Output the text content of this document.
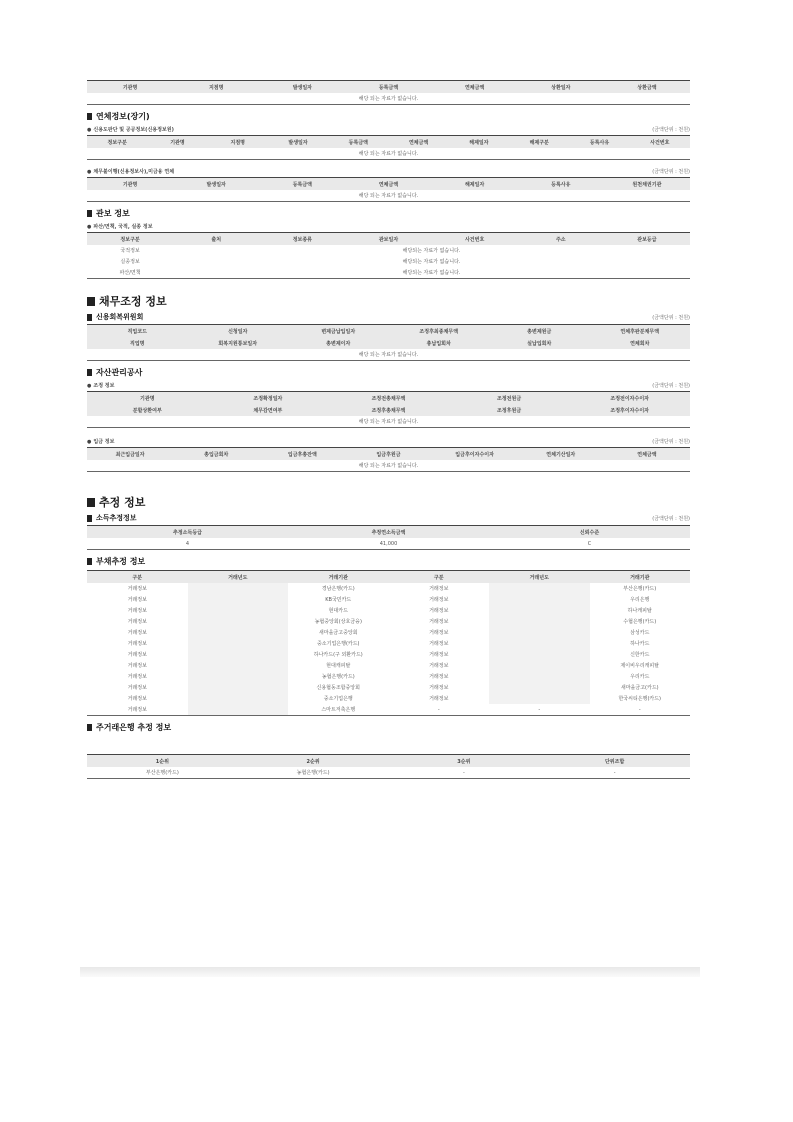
기관명	지점명	발생일자	등록금액	연체금액	상환일자	상환금액
해당 되는 자료가 없습니다.
연체정보(장기)
● 신용도판단 및 공공정보(신용정보원)	(금액단위 : 천원)
정보구분	기관명	지점명	발생일자	등록금액	연체금액	해제일자	해제구분	등록사유	사건번호
해당 되는 자료가 없습니다.
● 채무불이행(신용정보사),미금융 연체	(금액단위 : 천원)
기관명	발생일자	등록금액	연체금액	해제일자	등록사유	원천채권기관
해당 되는 자료가 없습니다.
관보 정보
● 파산/면책, 국적, 실종 정보
정보구분	출처	정보종류	관보일자	사건번호	주소	관보등급
국적정보	해당되는 자료가 없습니다.					
실종정보	해당되는 자료가 없습니다.					
파산/면책	해당되는 자료가 없습니다.					
채무조정 정보
신용회복위원회	(금액단위 : 천원)
직업코드	신청일자	변제금납입일자	조정후최종채무액	총변제원금	연체후완분채무액
직업명	회복지원통보일자	총변제이자	총납입회차	실납입회차	연체회차
해당 되는 자료가 없습니다.					
자산관리공사
● 조정 정보	(금액단위 : 천원)
기관명	조정확정일자	조정전총채무액	조정전원금	조정전이자수이자
분할상환여부	채무감면여부	조정후총채무액	조정후원금	조정후이자수이자
해당 되는 자료가 없습니다.				
● 입금 정보	(금액단위 : 천원)
최근입금일자	총입금회차	입금후총잔액	입금후원금	입금후이자수이자	연체기산일자	연체금액
해당 되는 자료가 없습니다.
추정 정보
소득추정정보	(금액단위 : 천원)
추정소득등급	추정연소득금액	신뢰수준
4	41,000	C
부채추정 정보
구분	거래년도	거래기관	구분	거래년도	거래기관
거래정보		경남은행(카드)	거래정보		부산은행(카드)
거래정보		KB국민카드	거래정보		우리은행
거래정보		현대카드	거래정보		하나캐피탈
거래정보		농협중앙회(상호금융)	거래정보		수협은행(카드)
거래정보		새마을금고중앙회	거래정보		삼성카드
거래정보		중소기업은행(카드)	거래정보		하나카드
거래정보		하나카드(구 외환카드)	거래정보		신한카드
거래정보		현대캐피탈	거래정보		제이비우리캐피탈
거래정보		농협은행(카드)	거래정보		우리카드
거래정보		신용협동조합중앙회	거래정보		새마을금고(카드)
거래정보		중소기업은행	거래정보		한국씨티은행(카드)
거래정보		스마트저축은행	-	-	-
주거래은행 추정 정보
1순위	2순위	3순위	단위조합
부산은행(카드)	농협은행(카드)	-	-
